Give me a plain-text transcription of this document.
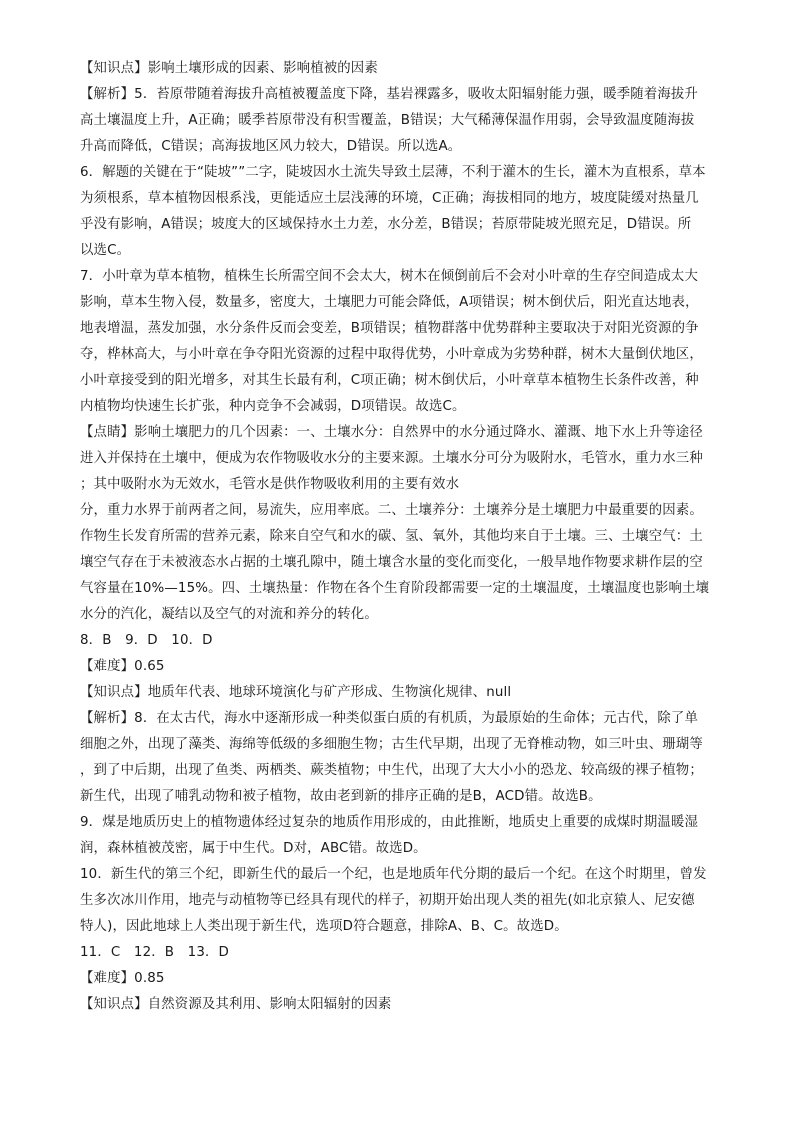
【知识点】影响土壤形成的因素、影响植被的因素
【解析】5．苔原带随着海拔升高植被覆盖度下降，基岩裸露多，吸收太阳辐射能力强，暖季随着海拔升
高土壤温度上升，A正确；暖季苔原带没有积雪覆盖，B错误；大气稀薄保温作用弱，会导致温度随海拔
升高而降低，C错误；高海拔地区风力较大，D错误。所以选A。
6．解题的关键在于“陡坡””二字，陡坡因水土流失导致土层薄，不利于灌木的生长，灌木为直根系，草本
为须根系，草本植物因根系浅，更能适应土层浅薄的环境，C正确；海拔相同的地方，坡度陡缓对热量几
乎没有影响，A错误；坡度大的区域保持水土力差，水分差，B错误；苔原带陡坡光照充足，D错误。所
以选C。
7．小叶章为草本植物，植株生长所需空间不会太大，树木在倾倒前后不会对小叶章的生存空间造成太大
影响，草本生物入侵，数量多，密度大，土壤肥力可能会降低，A项错误；树木倒伏后，阳光直达地表，
地表增温，蒸发加强，水分条件反而会变差，B项错误；植物群落中优势群种主要取决于对阳光资源的争
夺，桦林高大，与小叶章在争夺阳光资源的过程中取得优势，小叶章成为劣势种群，树木大量倒伏地区，
小叶章接受到的阳光增多，对其生长最有利，C项正确；树木倒伏后，小叶章草本植物生长条件改善，种
内植物均快速生长扩张，种内竞争不会减弱，D项错误。故选C。
【点睛】影响土壤肥力的几个因素：一、土壤水分：自然界中的水分通过降水、灌溉、地下水上升等途径
进入并保持在土壤中，便成为农作物吸收水分的主要来源。土壤水分可分为吸附水，毛管水，重力水三种
；其中吸附水为无效水，毛管水是供作物吸收利用的主要有效水
分，重力水界于前两者之间，易流失，应用率底。二、土壤养分：土壤养分是土壤肥力中最重要的因素。
作物生长发育所需的营养元素，除来自空气和水的碳、氢、氧外，其他均来自于土壤。三、土壤空气：土
壤空气存在于未被液态水占据的土壤孔隙中，随土壤含水量的变化而变化，一般旱地作物要求耕作层的空
气容量在10%—15%。四、土壤热量：作物在各个生育阶段都需要一定的土壤温度，土壤温度也影响土壤
水分的汽化，凝结以及空气的对流和养分的转化。
8．B　9．D　10．D
【难度】0.65
【知识点】地质年代表、地球环境演化与矿产形成、生物演化规律、null
【解析】8．在太古代，海水中逐渐形成一种类似蛋白质的有机质，为最原始的生命体；元古代，除了单
细胞之外，出现了藻类、海绵等低级的多细胞生物；古生代早期，出现了无脊椎动物，如三叶虫、珊瑚等
，到了中后期，出现了鱼类、两栖类、蕨类植物；中生代，出现了大大小小的恐龙、较高级的裸子植物；
新生代，出现了哺乳动物和被子植物，故由老到新的排序正确的是B，ACD错。故选B。
9．煤是地质历史上的植物遗体经过复杂的地质作用形成的，由此推断，地质史上重要的成煤时期温暖湿
润，森林植被茂密，属于中生代。D对，ABC错。故选D。
10．新生代的第三个纪，即新生代的最后一个纪，也是地质年代分期的最后一个纪。在这个时期里，曾发
生多次冰川作用，地壳与动植物等已经具有现代的样子，初期开始出现人类的祖先(如北京猿人、尼安德
特人)，因此地球上人类出现于新生代，选项D符合题意，排除A、B、C。故选D。
11．C　12．B　13．D
【难度】0.85
【知识点】自然资源及其利用、影响太阳辐射的因素
